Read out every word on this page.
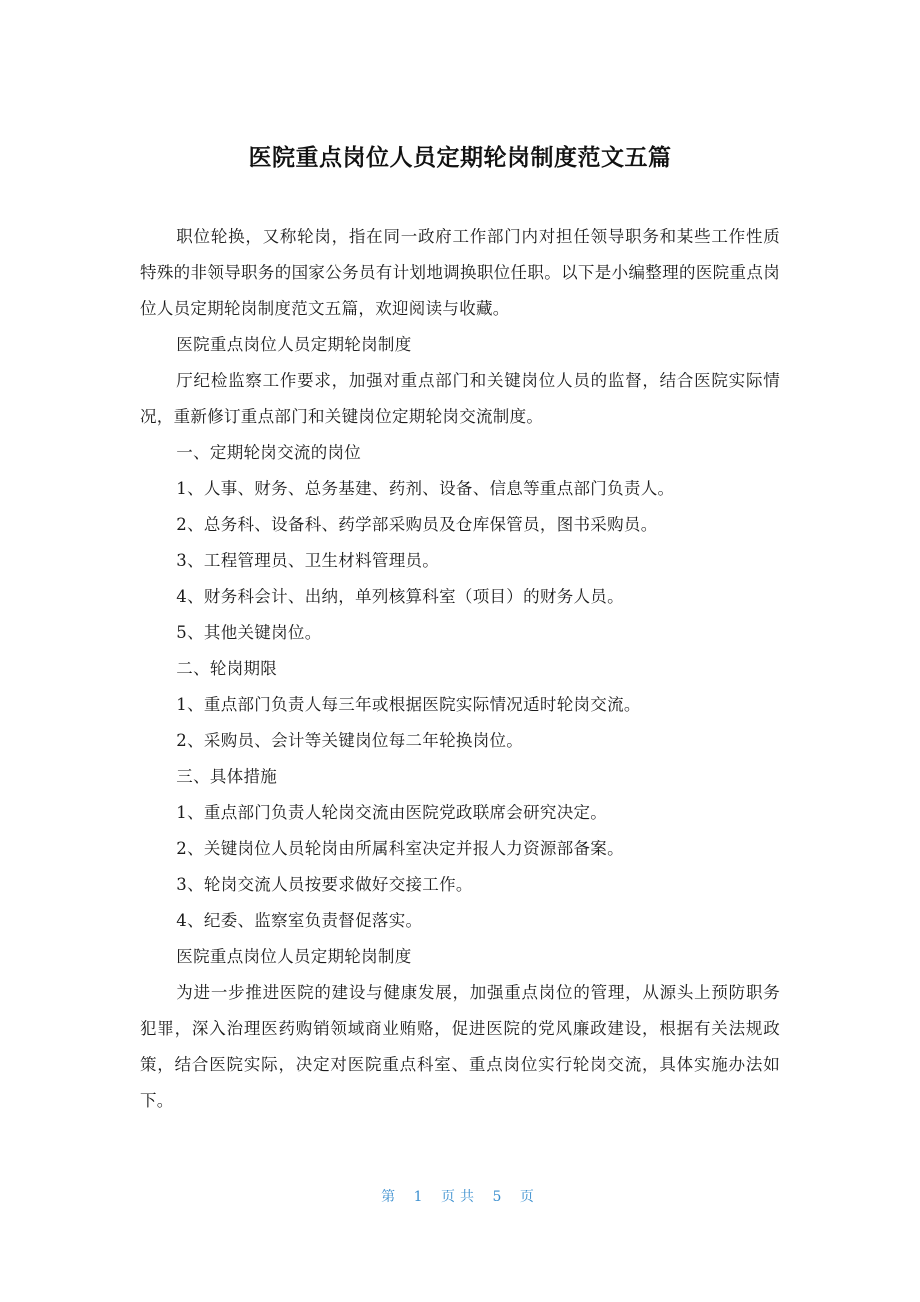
医院重点岗位人员定期轮岗制度范文五篇

职位轮换，又称轮岗，指在同一政府工作部门内对担任领导职务和某些工作性质特殊的非领导职务的国家公务员有计划地调换职位任职。以下是小编整理的医院重点岗位人员定期轮岗制度范文五篇，欢迎阅读与收藏。

医院重点岗位人员定期轮岗制度

厅纪检监察工作要求，加强对重点部门和关键岗位人员的监督，结合医院实际情况，重新修订重点部门和关键岗位定期轮岗交流制度。

一、定期轮岗交流的岗位

1、人事、财务、总务基建、药剂、设备、信息等重点部门负责人。

2、总务科、设备科、药学部采购员及仓库保管员，图书采购员。

3、工程管理员、卫生材料管理员。

4、财务科会计、出纳，单列核算科室（项目）的财务人员。

5、其他关键岗位。

二、轮岗期限

1、重点部门负责人每三年或根据医院实际情况适时轮岗交流。

2、采购员、会计等关键岗位每二年轮换岗位。

三、具体措施

1、重点部门负责人轮岗交流由医院党政联席会研究决定。

2、关键岗位人员轮岗由所属科室决定并报人力资源部备案。

3、轮岗交流人员按要求做好交接工作。

4、纪委、监察室负责督促落实。

医院重点岗位人员定期轮岗制度

为进一步推进医院的建设与健康发展，加强重点岗位的管理，从源头上预防职务犯罪，深入治理医药购销领域商业贿赂，促进医院的党风廉政建设，根据有关法规政策，结合医院实际，决定对医院重点科室、重点岗位实行轮岗交流，具体实施办法如下。

第 1 页共 5 页
